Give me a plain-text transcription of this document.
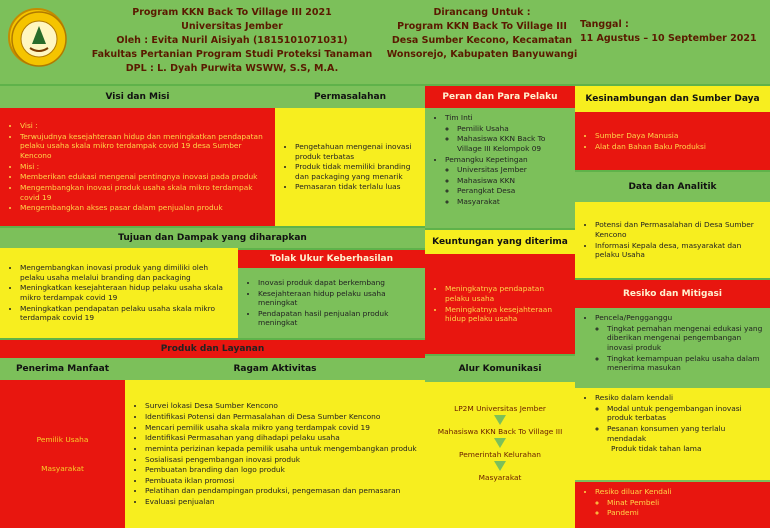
Program KKN Back To Village III 2021
Universitas Jember
Oleh : Evita Nuril Aisiyah (1815101071031)
Fakultas Pertanian Program Studi Proteksi Tanaman
DPL : L. Dyah Purwita WSWW, S.S, M.A.
Dirancang Untuk :
Program KKN Back To Village III
Desa Sumber Kecono, Kecamatan
Wonsorejo, Kabupaten Banyuwangi
Tanggal :
11 Agustus – 10 September 2021
Visi dan Misi
• Visi :
• Terwujudnya kesejahteraan hidup dan meningkatkan pendapatan pelaku usaha skala mikro terdampak covid 19 desa Sumber Kencono
• Misi :
• Memberikan edukasi mengenai pentingnya inovasi pada produk
• Mengembangkan inovasi produk usaha skala mikro terdampak covid 19
• Mengembangkan akses pasar dalam penjualan produk
Permasalahan
• Pengetahuan mengenai inovasi produk terbatas
• Produk tidak memiliki branding dan packaging yang menarik
• Pemasaran tidak terlalu luas
Peran dan Para Pelaku
• Tim Inti
◦ Pemilik Usaha
◦ Mahasiswa KKN Back To Village III Kelompok 09
• Pemangku Kepetingan
◦ Universitas Jember
◦ Mahasiswa KKN
◦ Perangkat Desa
◦ Masyarakat
Kesinambungan dan Sumber Daya
• Sumber Daya Manusia
• Alat dan Bahan Baku Produksi
Data dan Analitik
• Potensi dan Permasalahan di Desa Sumber Kencono
• Informasi Kepala desa, masyarakat dan pelaku Usaha
Tujuan dan Dampak yang diharapkan
• Mengembangkan inovasi produk yang dimiliki oleh pelaku usaha melalui branding dan packaging
• Meningkatkan kesejahteraan hidup pelaku usaha skala mikro terdampak covid 19
• Meningkatkan pendapatan pelaku usaha skala mikro terdampak covid 19
Tolak Ukur Keberhasilan
• Inovasi produk dapat berkembang
• Kesejahteraan hidup pelaku usaha meningkat
• Pendapatan hasil penjualan produk meningkat
Keuntungan yang diterima
• Meningkatnya pendapatan pelaku usaha
• Meningkatnya kesejahteraan hidup pelaku usaha
Resiko dan Mitigasi
• Pencela/Pengganggu
◦ Tingkat pemahan mengenai edukasi yang diberikan mengenai pengembangan inovasi produk
◦ Tingkat kemampuan pelaku usaha dalam menerima masukan
• Resiko dalam kendali
◦ Modal untuk pengembangan inovasi produk terbatas
◦ Pesanan konsumen yang terlalu mendadak
Produk tidak tahan lama
• Resiko diluar Kendali
◦ Minat Pembeli
◦ Pandemi
Produk dan Layanan
Penerima Manfaat
Pemilik Usaha
Masyarakat
Ragam Aktivitas
• Survei lokasi Desa Sumber Kencono
• Identifikasi Potensi dan Permasalahan di Desa Sumber Kencono
• Mencari pemilik usaha skala mikro yang terdampak covid 19
• Identifikasi Permasahan yang dihadapi pelaku usaha
• meminta perizinan kepada pemilik usaha untuk mengembangkan produk
• Sosialisasi pengembangan inovasi produk
• Pembuatan branding dan logo produk
• Pembuata iklan promosi
• Pelatihan dan pendampingan produksi, pengemasan dan pemasaran
• Evaluasi penjualan
Alur Komunikasi
LP2M Universitas Jember
Mahasiswa KKN Back To Village III
Pemerintah Kelurahan
Masyarakat
